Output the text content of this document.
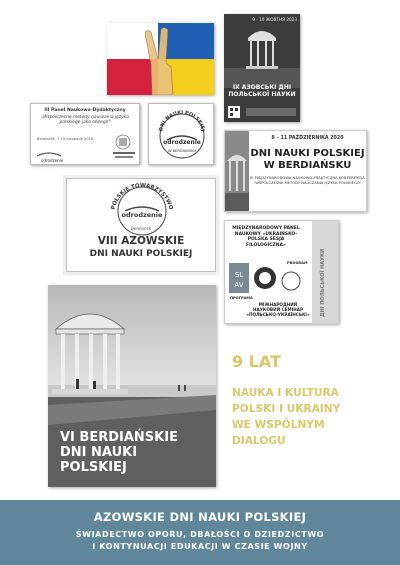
9 - 10 ЖОВТНЯ 2023
IX АЗОВСЬКІ ДНІ ПОЛЬСЬКОЇ НАУКИ
III Panel Naukowo-Dydaktyczny
„Współczesne metody nauczania języka polskiego jako obcego"
Berdiańsk, 7-10 listopada 2016
odrodzenie
DNI NAUKI POLSKIEJ
odrodzenie
W BERDIAŃSKU
8 – 11 PAŹDZIERNIKA 2020
DNI NAUKI POLSKIEJ W BERDIAŃSKU
III MIĘDZYNARODOWA NAUKOWO-PRAKTYCZNA KONFERENCJA "WSPÓŁCZESNE METODY NAUCZANIA JĘZYKA POLSKIEGO"
POLSKIE TOWARZYSTWO
odrodzenie
Berdiańsk
VIII AZOWSKIE
DNI NAUKI POLSKIEJ	ДНІ ПОЛЬСЬКОЇ НАУКИ
MIĘDZYNARODOWY PANEL NAUKOWY «UKRAIŃSKO-POLSKA SESJA FILOLOGICZNA»
SL
AV
PROGRAM
ПРОГРАМА
МІЖНАРОДНИЙ НАУКОВИЙ СЕМІНАР «ПОЛЬСЬКО-УКРАЇНСЬКІ»
VI BERDIAŃSKIE
DNI NAUKI
POLSKIEJ
9 LAT
NAUKA I KULTURA
POLSKI I UKRAINY
WE WSPÓLNYM
DIALOGU
AZOWSKIE DNI NAUKI POLSKIEJ
ŚWIADECTWO OPORU, DBAŁOŚCI O DZIEDZICTWO
I KONTYNUACJI EDUKACJI W CZASIE WOJNY
